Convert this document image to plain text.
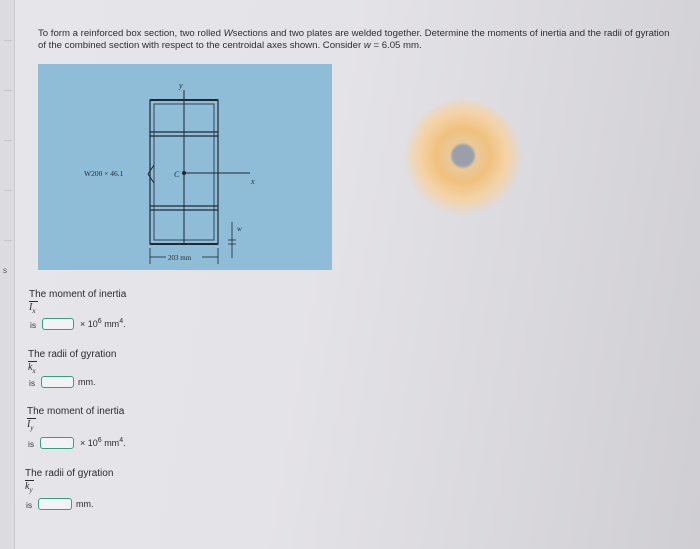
s
To form a reinforced box section, two rolled Wsections and two plates are welded together. Determine the moments of inertia and the radii of gyration of the combined section with respect to the centroidal axes shown. Consider w = 6.05 mm.
W200 × 46.1	C
x
y
w
203 mm
The moment of inertia
$I_x$
is	× $10^6$ $mm^4$.
The radii of gyration
$k_x$
is	mm.
The moment of inertia
$I_y$
is	× $10^6$ $mm^4$.
The radii of gyration
$k_y$
is	mm.
